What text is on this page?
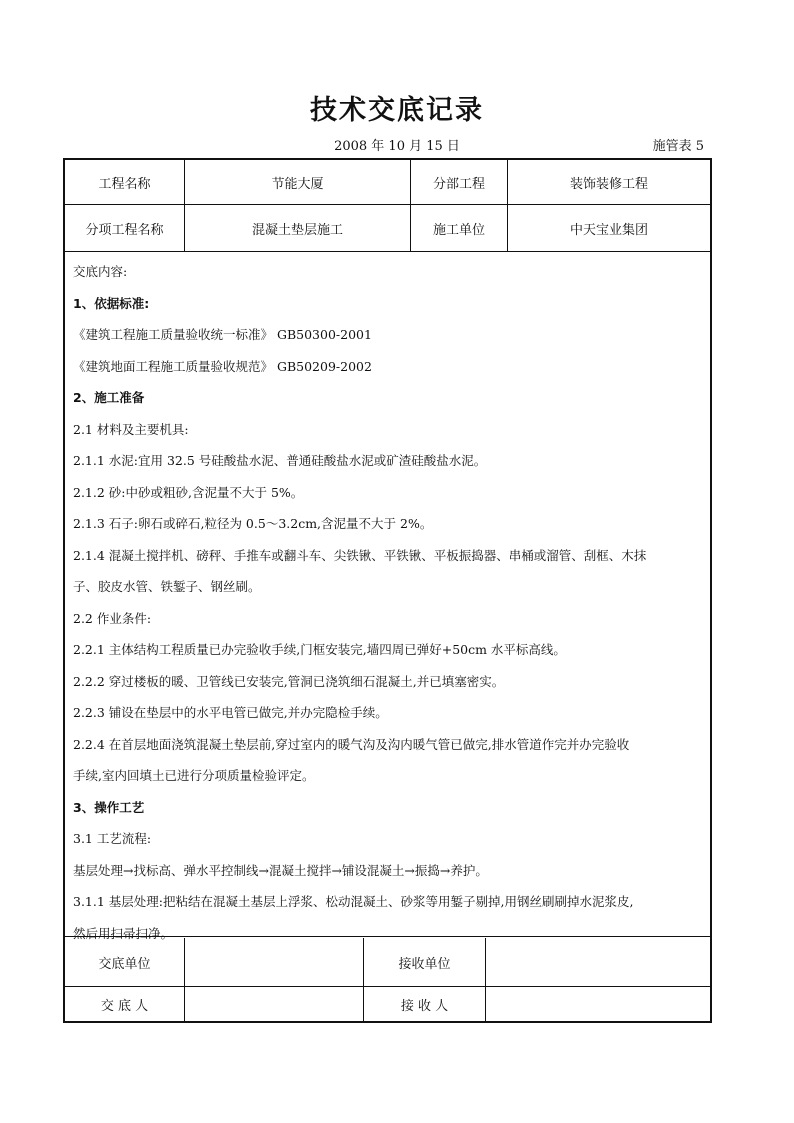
技术交底记录
2008 年 10 月 15 日	施管表 5
工程名称	节能大厦	分部工程	装饰装修工程
分项工程名称	混凝土垫层施工	施工单位	中天宝业集团

交底内容:

1、依据标准:

《建筑工程施工质量验收统一标准》 GB50300-2001

《建筑地面工程施工质量验收规范》 GB50209-2002

2、施工准备

2.1 材料及主要机具:

2.1.1 水泥:宜用 32.5 号硅酸盐水泥、普通硅酸盐水泥或矿渣硅酸盐水泥。

2.1.2 砂:中砂或粗砂,含泥量不大于 5%。

2.1.3 石子:卵石或碎石,粒径为 0.5～3.2cm,含泥量不大于 2%。

2.1.4 混凝土搅拌机、磅秤、手推车或翻斗车、尖铁锹、平铁锹、平板振捣器、串桶或溜管、刮框、木抹

子、胶皮水管、铁錾子、钢丝刷。

2.2 作业条件:

2.2.1 主体结构工程质量已办完验收手续,门框安装完,墙四周已弹好+50cm 水平标高线。

2.2.2 穿过楼板的暖、卫管线已安装完,管洞已浇筑细石混凝土,并已填塞密实。

2.2.3 铺设在垫层中的水平电管已做完,并办完隐检手续。

2.2.4 在首层地面浇筑混凝土垫层前,穿过室内的暖气沟及沟内暖气管已做完,排水管道作完并办完验收

手续,室内回填土已进行分项质量检验评定。

3、操作工艺

3.1 工艺流程:

基层处理→找标高、弹水平控制线→混凝土搅拌→铺设混凝土→振捣→养护。

3.1.1 基层处理:把粘结在混凝土基层上浮浆、松动混凝土、砂浆等用錾子剔掉,用钢丝刷刷掉水泥浆皮,

然后用扫帚扫净。

交底单位	接收单位
交 底 人	接 收 人
